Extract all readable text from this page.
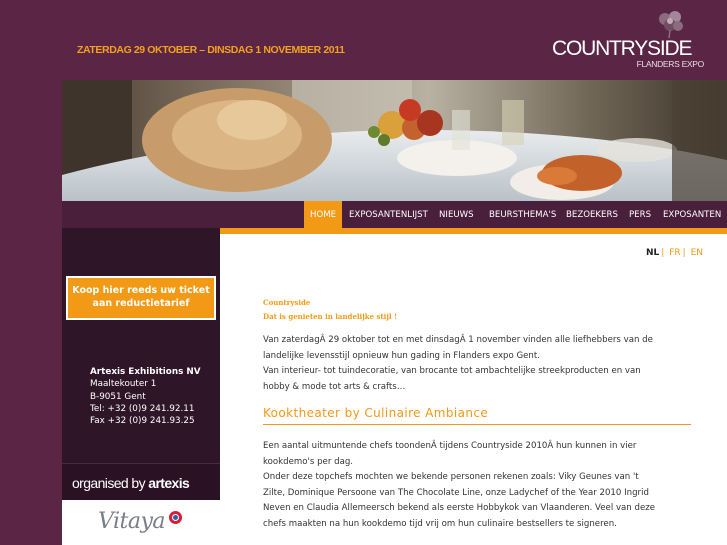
ZATERDAG 29 OKTOBER – DINSDAG 1 NOVEMBER 2011	COUNTRYSIDE
FLANDERS EXPO
Koop hier reeds uw ticket
aan reductietarief
Artexis Exhibitions NV
Maaltekouter 1
B-9051 Gent
Tel: +32 (0)9 241.92.11
Fax +32 (0)9 241.93.25
organised by artexis
Vitaya
HOME	EXPOSANTENLIJST NIEUWS BEURSTHEMA'S BEZOEKERS PERS EXPOSANTEN
NL | FR | EN
Countryside
Dat is genieten in landelijke stijl !
Van zaterdagÂ 29 oktober tot en met dinsdagÂ 1 november vinden alle liefhebbers van de
landelijke levensstijl opnieuw hun gading in Flanders expo Gent.
Van interieur- tot tuindecoratie, van brocante tot ambachtelijke streekproducten en van
hobby & mode tot arts & crafts…
Kooktheater by Culinaire Ambiance
Een aantal uitmuntende chefs toondenÂ tijdens Countryside 2010Â hun kunnen in vier
kookdemo's per dag.
Onder deze topchefs mochten we bekende personen rekenen zoals: Viky Geunes van 't
Zilte, Dominique Persoone van The Chocolate Line, onze Ladychef of the Year 2010 Ingrid
Neven en Claudia Allemeersch bekend als eerste Hobbykok van Vlaanderen. Veel van deze
chefs maakten na hun kookdemo tijd vrij om hun culinaire bestsellers te signeren.
